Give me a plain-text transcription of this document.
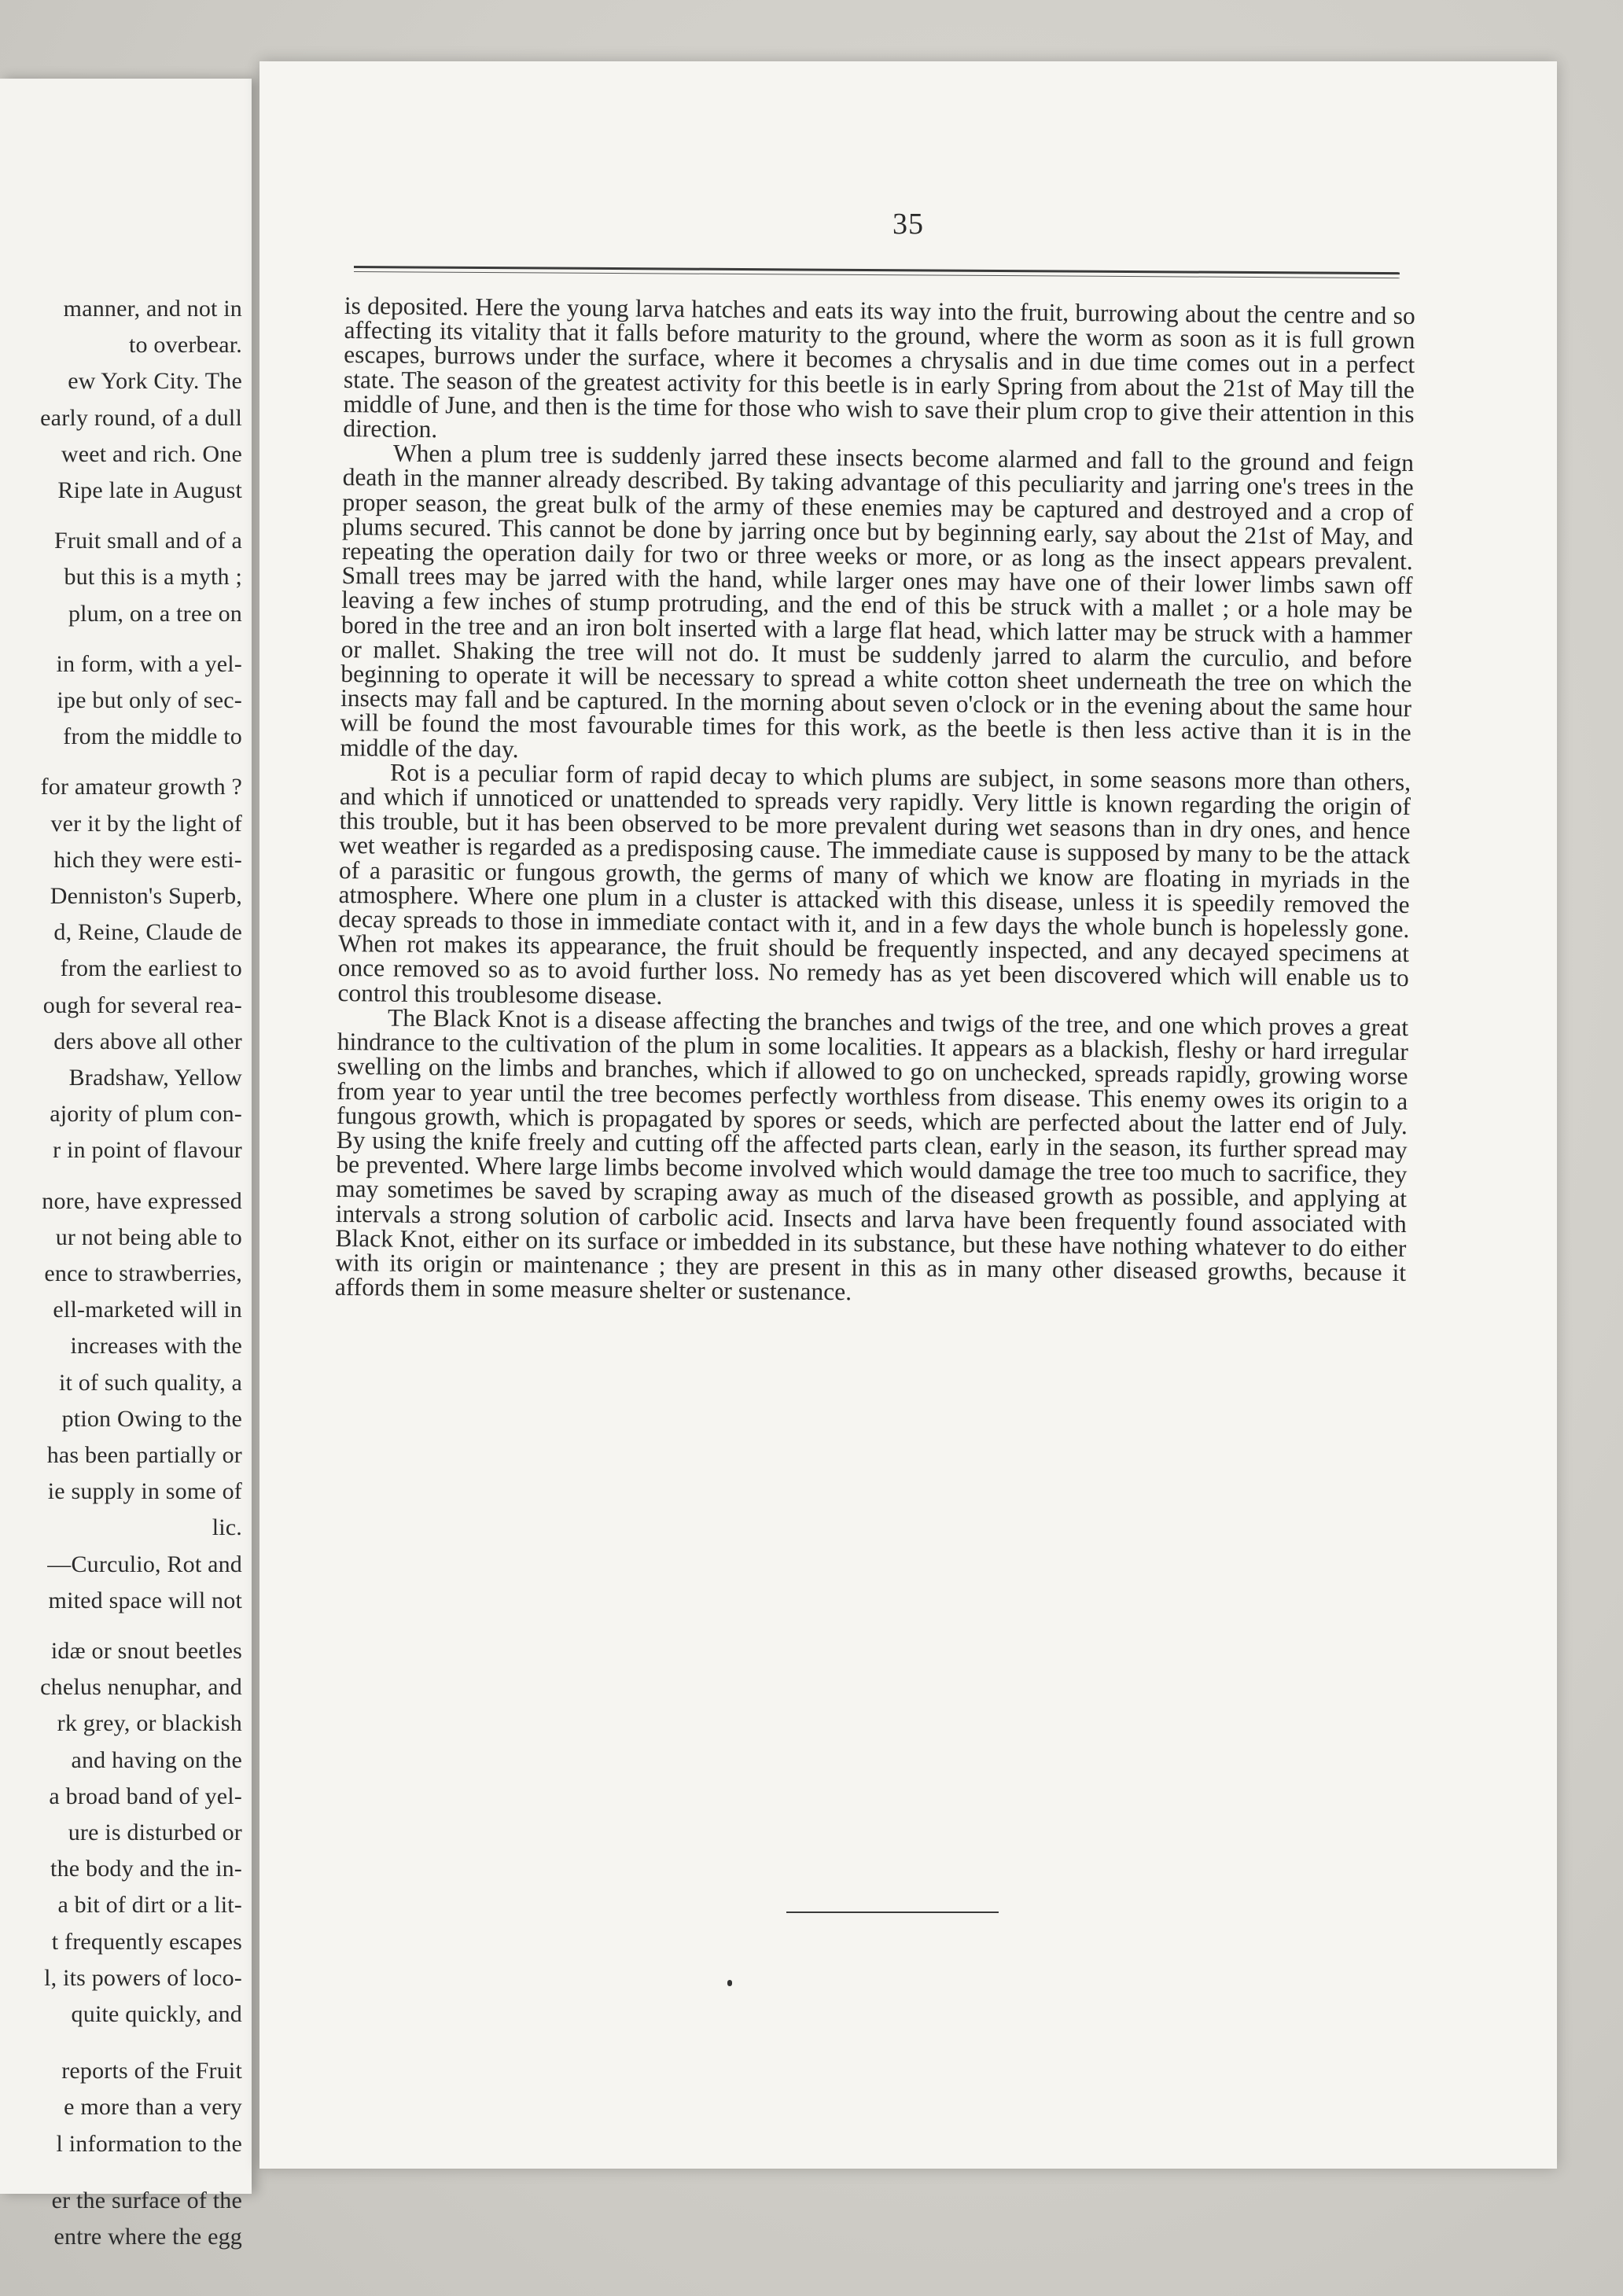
manner, and not in
to overbear.
ew York City. The
early round, of a dull
weet and rich. One
Ripe late in August
Fruit small and of a
but this is a myth ;
plum, on a tree on
in form, with a yel-
ipe but only of sec-
from the middle to
for amateur growth ?
ver it by the light of
hich they were esti-
Denniston's Superb,
d, Reine, Claude de
from the earliest to
ough for several rea-
ders above all other
Bradshaw, Yellow
ajority of plum con-
r in point of flavour
nore, have expressed
ur not being able to
ence to strawberries,
ell-marketed will in
increases with the
it of such quality, a
ption Owing to the
has been partially or
ie supply in some of
lic.
—Curculio, Rot and
mited space will not
idæ or snout beetles
chelus nenuphar, and
rk grey, or blackish
and having on the
a broad band of yel-
ure is disturbed or
the body and the in-
a bit of dirt or a lit-
t frequently escapes
l, its powers of loco-
quite quickly, and
reports of the Fruit
e more than a very
l information to the
er the surface of the
entre where the egg
35

is deposited. Here the young larva hatches and eats its way into the fruit, burrowing about the centre and so affecting its vitality that it falls before maturity to the ground, where the worm as soon as it is full grown escapes, burrows under the surface, where it becomes a chrysalis and in due time comes out in a perfect state. The season of the greatest activity for this beetle is in early Spring from about the 21st of May till the middle of June, and then is the time for those who wish to save their plum crop to give their attention in this direction.

When a plum tree is suddenly jarred these insects become alarmed and fall to the ground and feign death in the manner already described. By taking advantage of this peculiarity and jarring one's trees in the proper season, the great bulk of the army of these enemies may be captured and destroyed and a crop of plums secured. This cannot be done by jarring once but by beginning early, say about the 21st of May, and repeating the operation daily for two or three weeks or more, or as long as the insect appears prevalent. Small trees may be jarred with the hand, while larger ones may have one of their lower limbs sawn off leaving a few inches of stump protruding, and the end of this be struck with a mallet ; or a hole may be bored in the tree and an iron bolt inserted with a large flat head, which latter may be struck with a hammer or mallet. Shaking the tree will not do. It must be suddenly jarred to alarm the curculio, and before beginning to operate it will be necessary to spread a white cotton sheet underneath the tree on which the insects may fall and be captured. In the morning about seven o'clock or in the evening about the same hour will be found the most favourable times for this work, as the beetle is then less active than it is in the middle of the day.

Rot is a peculiar form of rapid decay to which plums are subject, in some seasons more than others, and which if unnoticed or unattended to spreads very rapidly. Very little is known regarding the origin of this trouble, but it has been observed to be more prevalent during wet seasons than in dry ones, and hence wet weather is regarded as a predisposing cause. The immediate cause is supposed by many to be the attack of a parasitic or fungous growth, the germs of many of which we know are floating in myriads in the atmosphere. Where one plum in a cluster is attacked with this disease, unless it is speedily removed the decay spreads to those in immediate contact with it, and in a few days the whole bunch is hopelessly gone. When rot makes its appearance, the fruit should be frequently inspected, and any decayed specimens at once removed so as to avoid further loss. No remedy has as yet been discovered which will enable us to control this troublesome disease.

The Black Knot is a disease affecting the branches and twigs of the tree, and one which proves a great hindrance to the cultivation of the plum in some localities. It appears as a blackish, fleshy or hard irregular swelling on the limbs and branches, which if allowed to go on unchecked, spreads rapidly, growing worse from year to year until the tree becomes perfectly worthless from disease. This enemy owes its origin to a fungous growth, which is propagated by spores or seeds, which are perfected about the latter end of July. By using the knife freely and cutting off the affected parts clean, early in the season, its further spread may be prevented. Where large limbs become involved which would damage the tree too much to sacrifice, they may sometimes be saved by scraping away as much of the diseased growth as possible, and applying at intervals a strong solution of carbolic acid. Insects and larva have been frequently found associated with Black Knot, either on its surface or imbedded in its substance, but these have nothing whatever to do either with its origin or maintenance ; they are present in this as in many other diseased growths, because it affords them in some measure shelter or sustenance.
